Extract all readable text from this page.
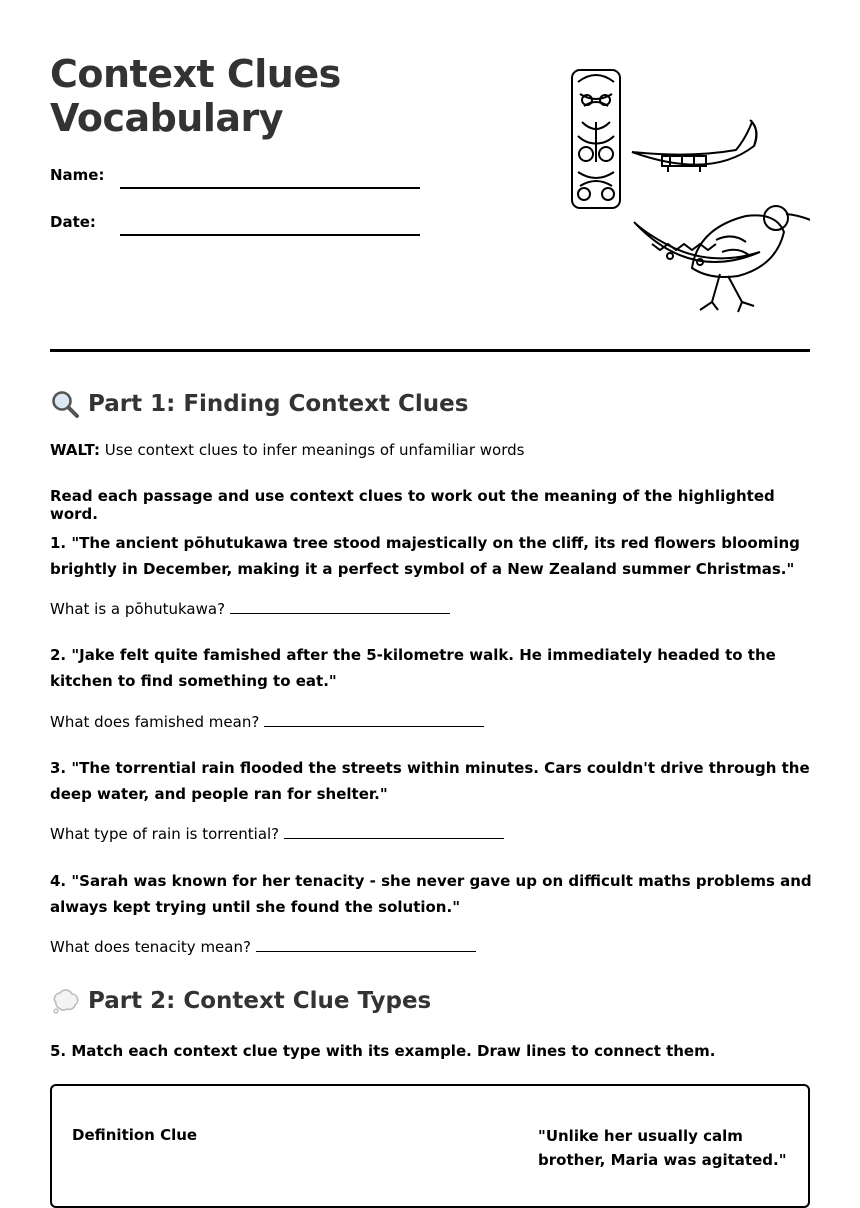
Context Clues
Vocabulary
Name:
Date:
Part 1: Finding Context Clues
WALT: Use context clues to infer meanings of unfamiliar words
Read each passage and use context clues to work out the meaning of the highlighted word.
1. "The ancient pōhutukawa tree stood majestically on the cliff, its red flowers blooming brightly in December, making it a perfect symbol of a New Zealand summer Christmas."
What is a pōhutukawa?
2. "Jake felt quite famished after the 5-kilometre walk. He immediately headed to the kitchen to find something to eat."
What does famished mean?
3. "The torrential rain flooded the streets within minutes. Cars couldn't drive through the deep water, and people ran for shelter."
What type of rain is torrential?
4. "Sarah was known for her tenacity - she never gave up on difficult maths problems and always kept trying until she found the solution."
What does tenacity mean?
Part 2: Context Clue Types
5. Match each context clue type with its example. Draw lines to connect them.
Definition Clue	"Unlike her usually calm brother, Maria was agitated."
